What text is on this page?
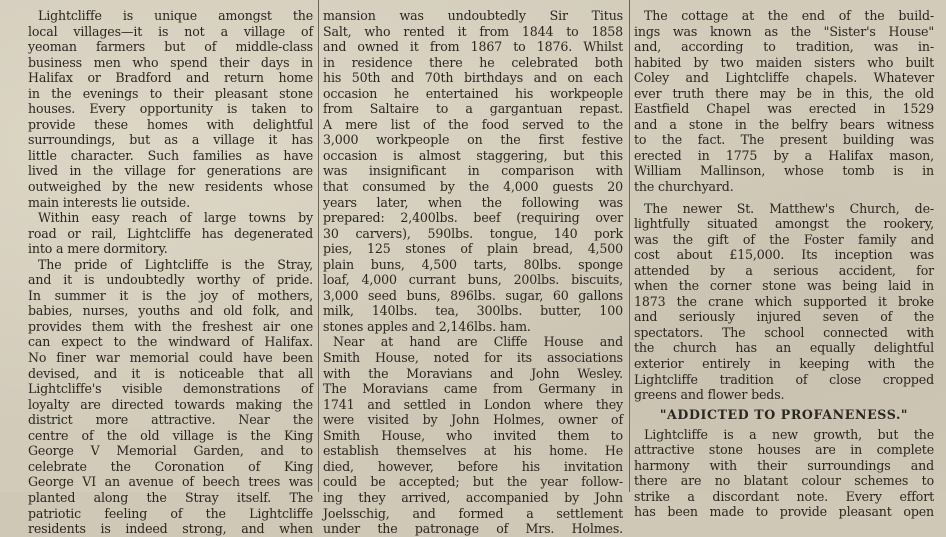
Lightcliffe is unique amongst the
local villages—it is not a village of
yeoman farmers but of middle-class
business men who spend their days in
Halifax or Bradford and return home
in the evenings to their pleasant stone
houses. Every opportunity is taken to
provide these homes with delightful
surroundings, but as a village it has
little character. Such families as have
lived in the village for generations are
outweighed by the new residents whose
main interests lie outside.
Within easy reach of large towns by
road or rail, Lightcliffe has degenerated
into a mere dormitory.
The pride of Lightcliffe is the Stray,
and it is undoubtedly worthy of pride.
In summer it is the joy of mothers,
babies, nurses, youths and old folk, and
provides them with the freshest air one
can expect to the windward of Halifax.
No finer war memorial could have been
devised, and it is noticeable that all
Lightcliffe's visible demonstrations of
loyalty are directed towards making the
district more attractive. Near the
centre of the old village is the King
George V Memorial Garden, and to
celebrate the Coronation of King
George VI an avenue of beech trees was
planted along the Stray itself. The
patriotic feeling of the Lightcliffe
residents is indeed strong, and when
mansion was undoubtedly Sir Titus
Salt, who rented it from 1844 to 1858
and owned it from 1867 to 1876. Whilst
in residence there he celebrated both
his 50th and 70th birthdays and on each
occasion he entertained his workpeople
from Saltaire to a gargantuan repast.
A mere list of the food served to the
3,000 workpeople on the first festive
occasion is almost staggering, but this
was insignificant in comparison with
that consumed by the 4,000 guests 20
years later, when the following was
prepared: 2,400lbs. beef (requiring over
30 carvers), 590lbs. tongue, 140 pork
pies, 125 stones of plain bread, 4,500
plain buns, 4,500 tarts, 80lbs. sponge
loaf, 4,000 currant buns, 200lbs. biscuits,
3,000 seed buns, 896lbs. sugar, 60 gallons
milk, 140lbs. tea, 300lbs. butter, 100
stones apples and 2,146lbs. ham.
Near at hand are Cliffe House and
Smith House, noted for its associations
with the Moravians and John Wesley.
The Moravians came from Germany in
1741 and settled in London where they
were visited by John Holmes, owner of
Smith House, who invited them to
establish themselves at his home. He
died, however, before his invitation
could be accepted; but the year follow-
ing they arrived, accompanied by John
Joelsschig, and formed a settlement
under the patronage of Mrs. Holmes.
The cottage at the end of the build-
ings was known as the "Sister's House"
and, according to tradition, was in-
habited by two maiden sisters who built
Coley and Lightcliffe chapels. Whatever
ever truth there may be in this, the old
Eastfield Chapel was erected in 1529
and a stone in the belfry bears witness
to the fact. The present building was
erected in 1775 by a Halifax mason,
William Mallinson, whose tomb is in
the churchyard.
The newer St. Matthew's Church, de-
lightfully situated amongst the rookery,
was the gift of the Foster family and
cost about £15,000. Its inception was
attended by a serious accident, for
when the corner stone was being laid in
1873 the crane which supported it broke
and seriously injured seven of the
spectators. The school connected with
the church has an equally delightful
exterior entirely in keeping with the
Lightcliffe tradition of close cropped
greens and flower beds.
"ADDICTED TO PROFANENESS."
Lightcliffe is a new growth, but the
attractive stone houses are in complete
harmony with their surroundings and
there are no blatant colour schemes to
strike a discordant note. Every effort
has been made to provide pleasant open
